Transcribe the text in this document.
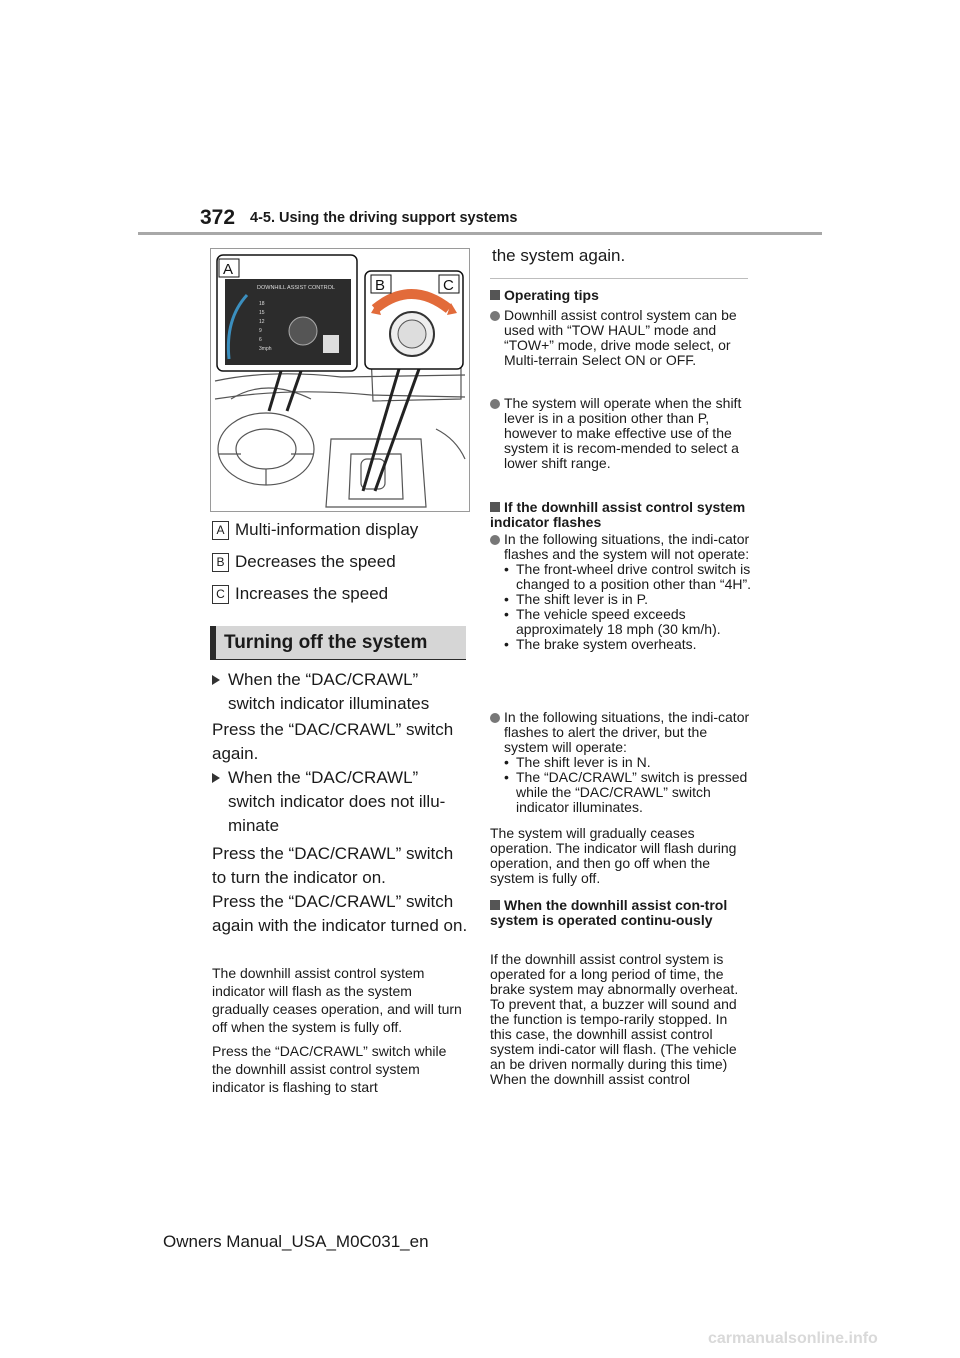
372 4-5. Using the driving support systems
DOWNHILL ASSIST CONTROL
18
15
12
9
6
3mph
A
B	C
A Multi-information display
B Decreases the speed
C Increases the speed
Turning off the system
When the “DAC/CRAWL” switch indicator illuminates
Press the “DAC/CRAWL” switch again.
When the “DAC/CRAWL” switch indicator does not illu-minate
Press the “DAC/CRAWL” switch to turn the indicator on.
Press the “DAC/CRAWL” switch again with the indicator turned on.
The downhill assist control system indicator will flash as the system gradually ceases operation, and will turn off when the system is fully off.
Press the “DAC/CRAWL” switch while the downhill assist control system indicator is flashing to start
the system again.
Operating tips
Downhill assist control system can be used with “TOW HAUL” mode and “TOW+” mode, drive mode select, or Multi-terrain Select ON or OFF.
The system will operate when the shift lever is in a position other than P, however to make effective use of the system it is recom-mended to select a lower shift range.
If the downhill assist control system indicator flashes
In the following situations, the indi-cator flashes and the system will not operate:
• The front-wheel drive control switch is changed to a position other than “4H”.
• The shift lever is in P.
• The vehicle speed exceeds approximately 18 mph (30 km/h).
• The brake system overheats.
In the following situations, the indi-cator flashes to alert the driver, but the system will operate:
• The shift lever is in N.
• The “DAC/CRAWL” switch is pressed while the “DAC/CRAWL” switch indicator illuminates.
The system will gradually ceases operation. The indicator will flash during operation, and then go off when the system is fully off.
When the downhill assist con-trol system is operated continu-ously
If the downhill assist control system is operated for a long period of time, the brake system may abnormally overheat. To prevent that, a buzzer will sound and the function is tempo-rarily stopped. In this case, the downhill assist control system indi-cator will flash. (The vehicle an be driven normally during this time) When the downhill assist control
Owners Manual_USA_M0C031_en
carmanualsonline.info
